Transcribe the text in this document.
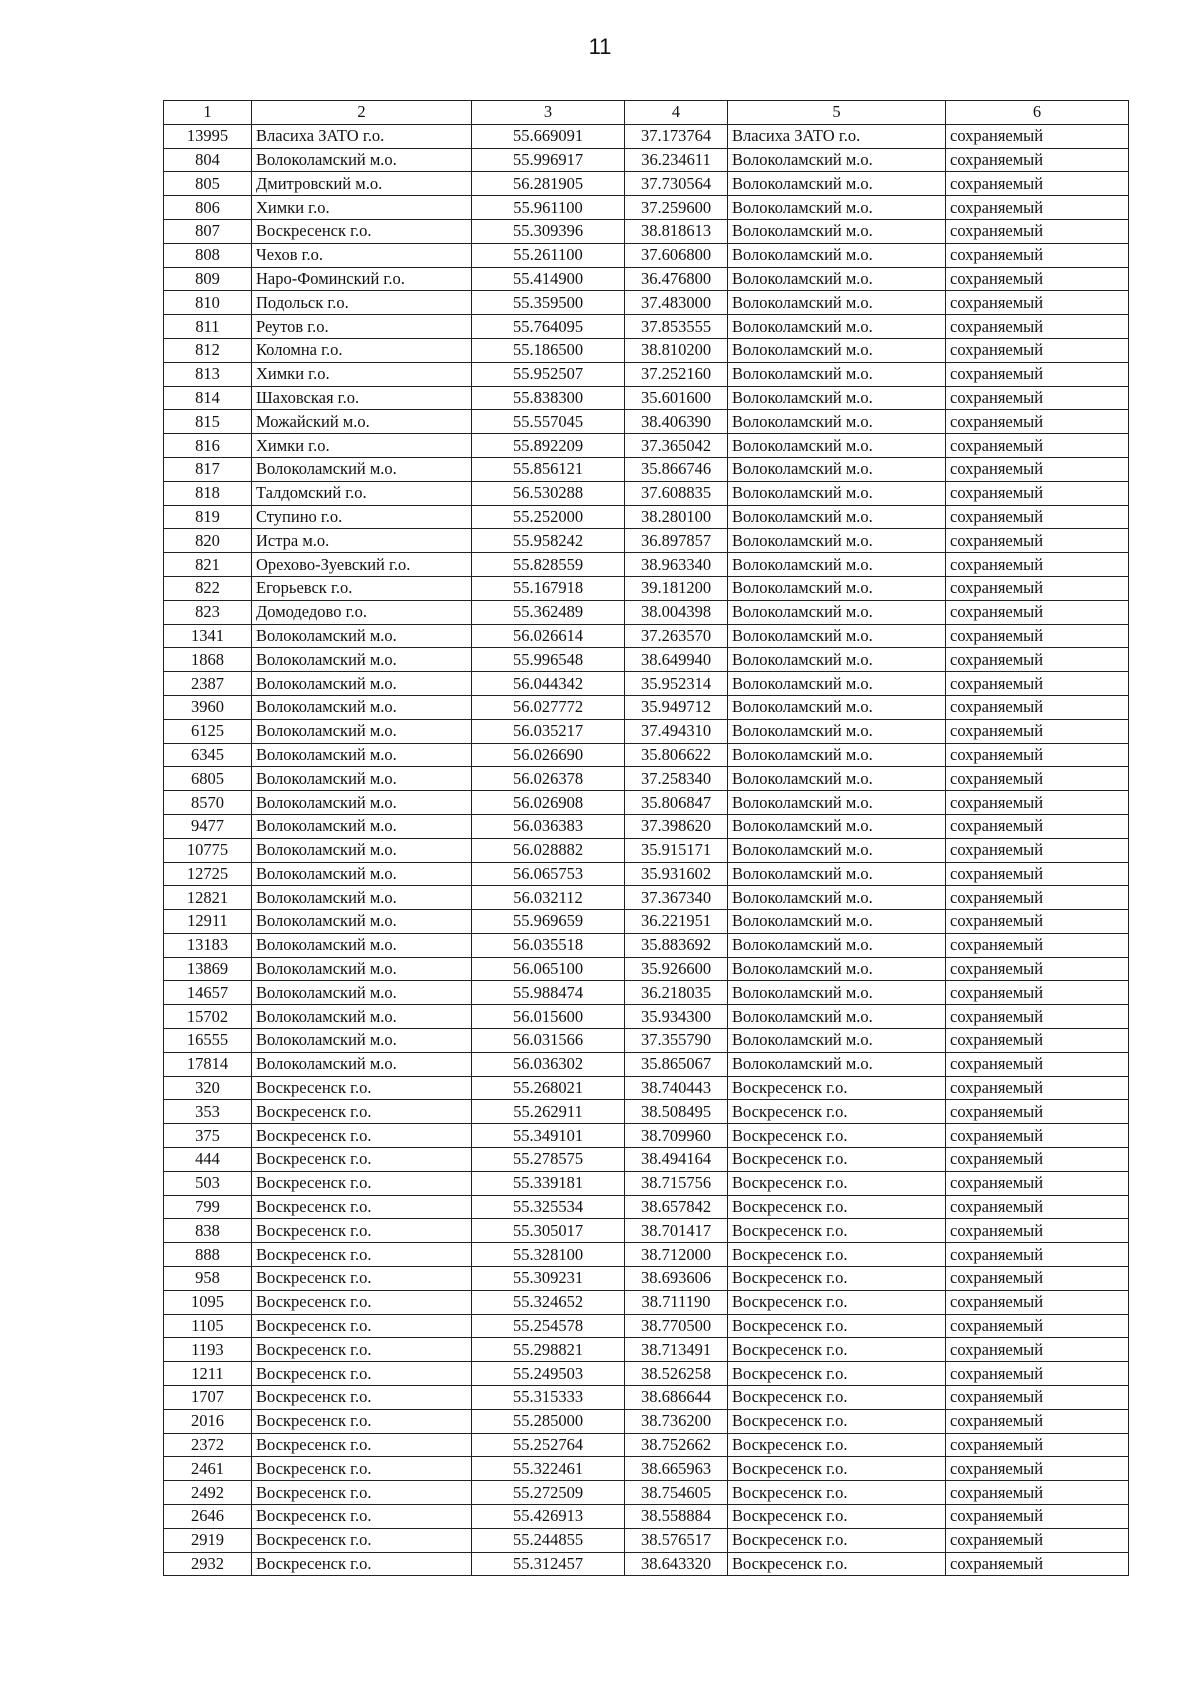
11
1	2	3	4	5	6
13995	Власиха ЗАТО г.о.	55.669091	37.173764	Власиха ЗАТО г.о.	сохраняемый
804	Волоколамский м.о.	55.996917	36.234611	Волоколамский м.о.	сохраняемый
805	Дмитровский м.о.	56.281905	37.730564	Волоколамский м.о.	сохраняемый
806	Химки г.о.	55.961100	37.259600	Волоколамский м.о.	сохраняемый
807	Воскресенск г.о.	55.309396	38.818613	Волоколамский м.о.	сохраняемый
808	Чехов г.о.	55.261100	37.606800	Волоколамский м.о.	сохраняемый
809	Наро-Фоминский г.о.	55.414900	36.476800	Волоколамский м.о.	сохраняемый
810	Подольск г.о.	55.359500	37.483000	Волоколамский м.о.	сохраняемый
811	Реутов г.о.	55.764095	37.853555	Волоколамский м.о.	сохраняемый
812	Коломна г.о.	55.186500	38.810200	Волоколамский м.о.	сохраняемый
813	Химки г.о.	55.952507	37.252160	Волоколамский м.о.	сохраняемый
814	Шаховская г.о.	55.838300	35.601600	Волоколамский м.о.	сохраняемый
815	Можайский м.о.	55.557045	38.406390	Волоколамский м.о.	сохраняемый
816	Химки г.о.	55.892209	37.365042	Волоколамский м.о.	сохраняемый
817	Волоколамский м.о.	55.856121	35.866746	Волоколамский м.о.	сохраняемый
818	Талдомский г.о.	56.530288	37.608835	Волоколамский м.о.	сохраняемый
819	Ступино г.о.	55.252000	38.280100	Волоколамский м.о.	сохраняемый
820	Истра м.о.	55.958242	36.897857	Волоколамский м.о.	сохраняемый
821	Орехово-Зуевский г.о.	55.828559	38.963340	Волоколамский м.о.	сохраняемый
822	Егорьевск г.о.	55.167918	39.181200	Волоколамский м.о.	сохраняемый
823	Домодедово г.о.	55.362489	38.004398	Волоколамский м.о.	сохраняемый
1341	Волоколамский м.о.	56.026614	37.263570	Волоколамский м.о.	сохраняемый
1868	Волоколамский м.о.	55.996548	38.649940	Волоколамский м.о.	сохраняемый
2387	Волоколамский м.о.	56.044342	35.952314	Волоколамский м.о.	сохраняемый
3960	Волоколамский м.о.	56.027772	35.949712	Волоколамский м.о.	сохраняемый
6125	Волоколамский м.о.	56.035217	37.494310	Волоколамский м.о.	сохраняемый
6345	Волоколамский м.о.	56.026690	35.806622	Волоколамский м.о.	сохраняемый
6805	Волоколамский м.о.	56.026378	37.258340	Волоколамский м.о.	сохраняемый
8570	Волоколамский м.о.	56.026908	35.806847	Волоколамский м.о.	сохраняемый
9477	Волоколамский м.о.	56.036383	37.398620	Волоколамский м.о.	сохраняемый
10775	Волоколамский м.о.	56.028882	35.915171	Волоколамский м.о.	сохраняемый
12725	Волоколамский м.о.	56.065753	35.931602	Волоколамский м.о.	сохраняемый
12821	Волоколамский м.о.	56.032112	37.367340	Волоколамский м.о.	сохраняемый
12911	Волоколамский м.о.	55.969659	36.221951	Волоколамский м.о.	сохраняемый
13183	Волоколамский м.о.	56.035518	35.883692	Волоколамский м.о.	сохраняемый
13869	Волоколамский м.о.	56.065100	35.926600	Волоколамский м.о.	сохраняемый
14657	Волоколамский м.о.	55.988474	36.218035	Волоколамский м.о.	сохраняемый
15702	Волоколамский м.о.	56.015600	35.934300	Волоколамский м.о.	сохраняемый
16555	Волоколамский м.о.	56.031566	37.355790	Волоколамский м.о.	сохраняемый
17814	Волоколамский м.о.	56.036302	35.865067	Волоколамский м.о.	сохраняемый
320	Воскресенск г.о.	55.268021	38.740443	Воскресенск г.о.	сохраняемый
353	Воскресенск г.о.	55.262911	38.508495	Воскресенск г.о.	сохраняемый
375	Воскресенск г.о.	55.349101	38.709960	Воскресенск г.о.	сохраняемый
444	Воскресенск г.о.	55.278575	38.494164	Воскресенск г.о.	сохраняемый
503	Воскресенск г.о.	55.339181	38.715756	Воскресенск г.о.	сохраняемый
799	Воскресенск г.о.	55.325534	38.657842	Воскресенск г.о.	сохраняемый
838	Воскресенск г.о.	55.305017	38.701417	Воскресенск г.о.	сохраняемый
888	Воскресенск г.о.	55.328100	38.712000	Воскресенск г.о.	сохраняемый
958	Воскресенск г.о.	55.309231	38.693606	Воскресенск г.о.	сохраняемый
1095	Воскресенск г.о.	55.324652	38.711190	Воскресенск г.о.	сохраняемый
1105	Воскресенск г.о.	55.254578	38.770500	Воскресенск г.о.	сохраняемый
1193	Воскресенск г.о.	55.298821	38.713491	Воскресенск г.о.	сохраняемый
1211	Воскресенск г.о.	55.249503	38.526258	Воскресенск г.о.	сохраняемый
1707	Воскресенск г.о.	55.315333	38.686644	Воскресенск г.о.	сохраняемый
2016	Воскресенск г.о.	55.285000	38.736200	Воскресенск г.о.	сохраняемый
2372	Воскресенск г.о.	55.252764	38.752662	Воскресенск г.о.	сохраняемый
2461	Воскресенск г.о.	55.322461	38.665963	Воскресенск г.о.	сохраняемый
2492	Воскресенск г.о.	55.272509	38.754605	Воскресенск г.о.	сохраняемый
2646	Воскресенск г.о.	55.426913	38.558884	Воскресенск г.о.	сохраняемый
2919	Воскресенск г.о.	55.244855	38.576517	Воскресенск г.о.	сохраняемый
2932	Воскресенск г.о.	55.312457	38.643320	Воскресенск г.о.	сохраняемый
